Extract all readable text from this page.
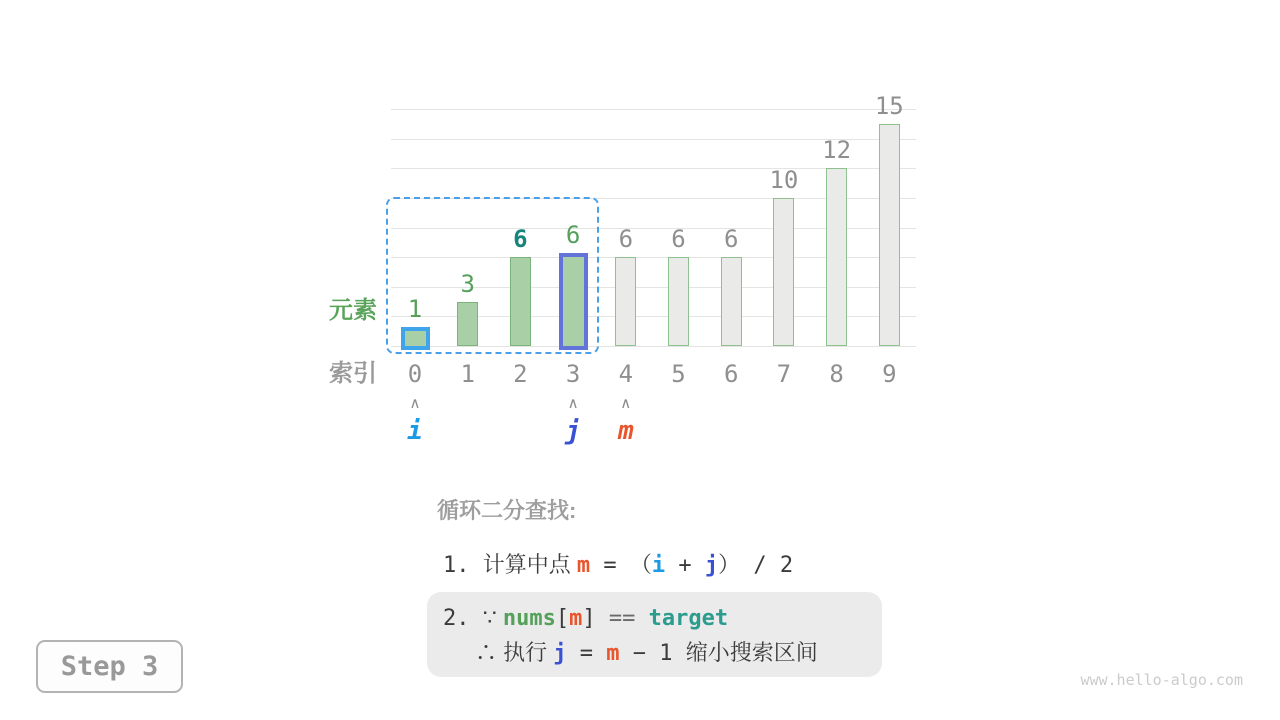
1
0
3
1
6
2
6
3
6
4
6
5
6
6
10
7
12
8
15
9
∧
i
∧
j
∧
m
元素
索引
循环二分查找:
1. 计算中点 m = （i + j） / 2
2. ∵ nums[m] == target
∴ 执行 j = m − 1 缩小搜索区间
Step 3	www.hello-algo.com
